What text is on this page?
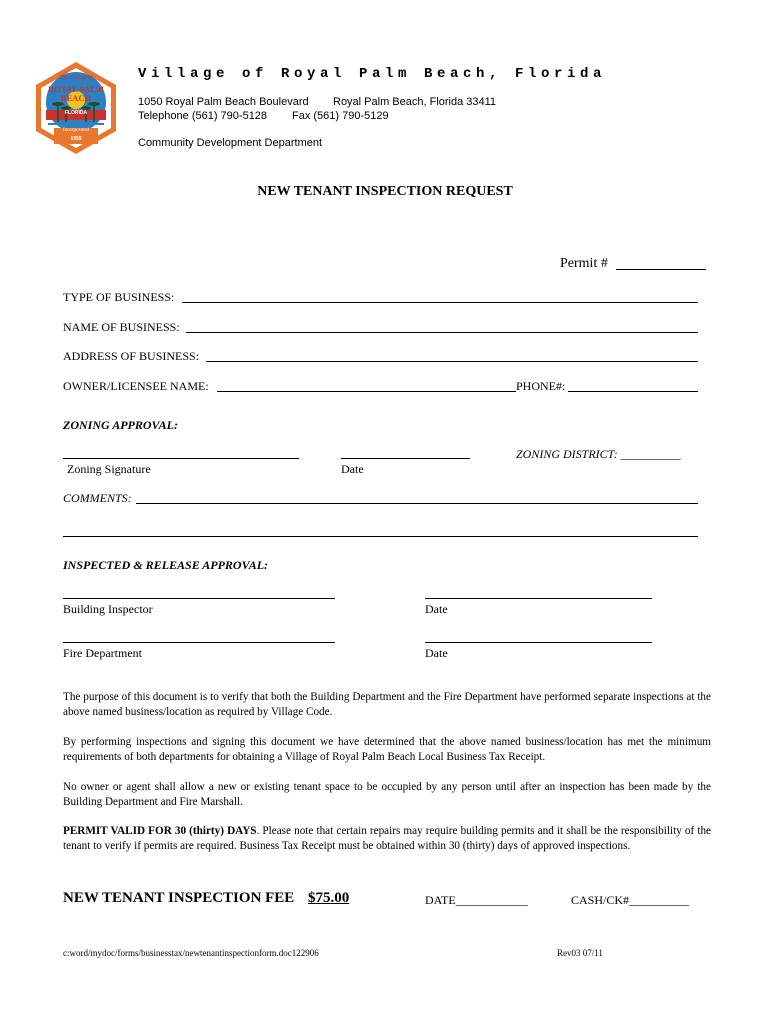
The Village of
ROYAL PALM
BEACH
FLORIDA
Incorporated
1959
Village of Royal Palm Beach, Florida
1050 Royal Palm Beach Boulevard Royal Palm Beach, Florida 33411
Telephone (561) 790-5128 Fax (561) 790-5129
Community Development Department
NEW TENANT INSPECTION REQUEST
Permit #
TYPE OF BUSINESS:
NAME OF BUSINESS:
ADDRESS OF BUSINESS:
OWNER/LICENSEE NAME:	PHONE#:
ZONING APPROVAL:
Zoning Signature	Date
ZONING DISTRICT: __________
COMMENTS:
INSPECTED & RELEASE APPROVAL:
Building Inspector	Date
Fire Department	Date
The purpose of this document is to verify that both the Building Department and the Fire Department have performed separate inspections at the above named business/location as required by Village Code.
By performing inspections and signing this document we have determined that the above named business/location has met the minimum requirements of both departments for obtaining a Village of Royal Palm Beach Local Business Tax Receipt.
No owner or agent shall allow a new or existing tenant space to be occupied by any person until after an inspection has been made by the Building Department and Fire Marshall.
PERMIT VALID FOR 30 (thirty) DAYS. Please note that certain repairs may require building permits and it shall be the responsibility of the tenant to verify if permits are required. Business Tax Receipt must be obtained within 30 (thirty) days of approved inspections.
NEW TENANT INSPECTION FEE $75.00	DATE____________	CASH/CK#__________
c:word/mydoc/forms/businesstax/newtenantinspectionform.doc122906	Rev03 07/11
